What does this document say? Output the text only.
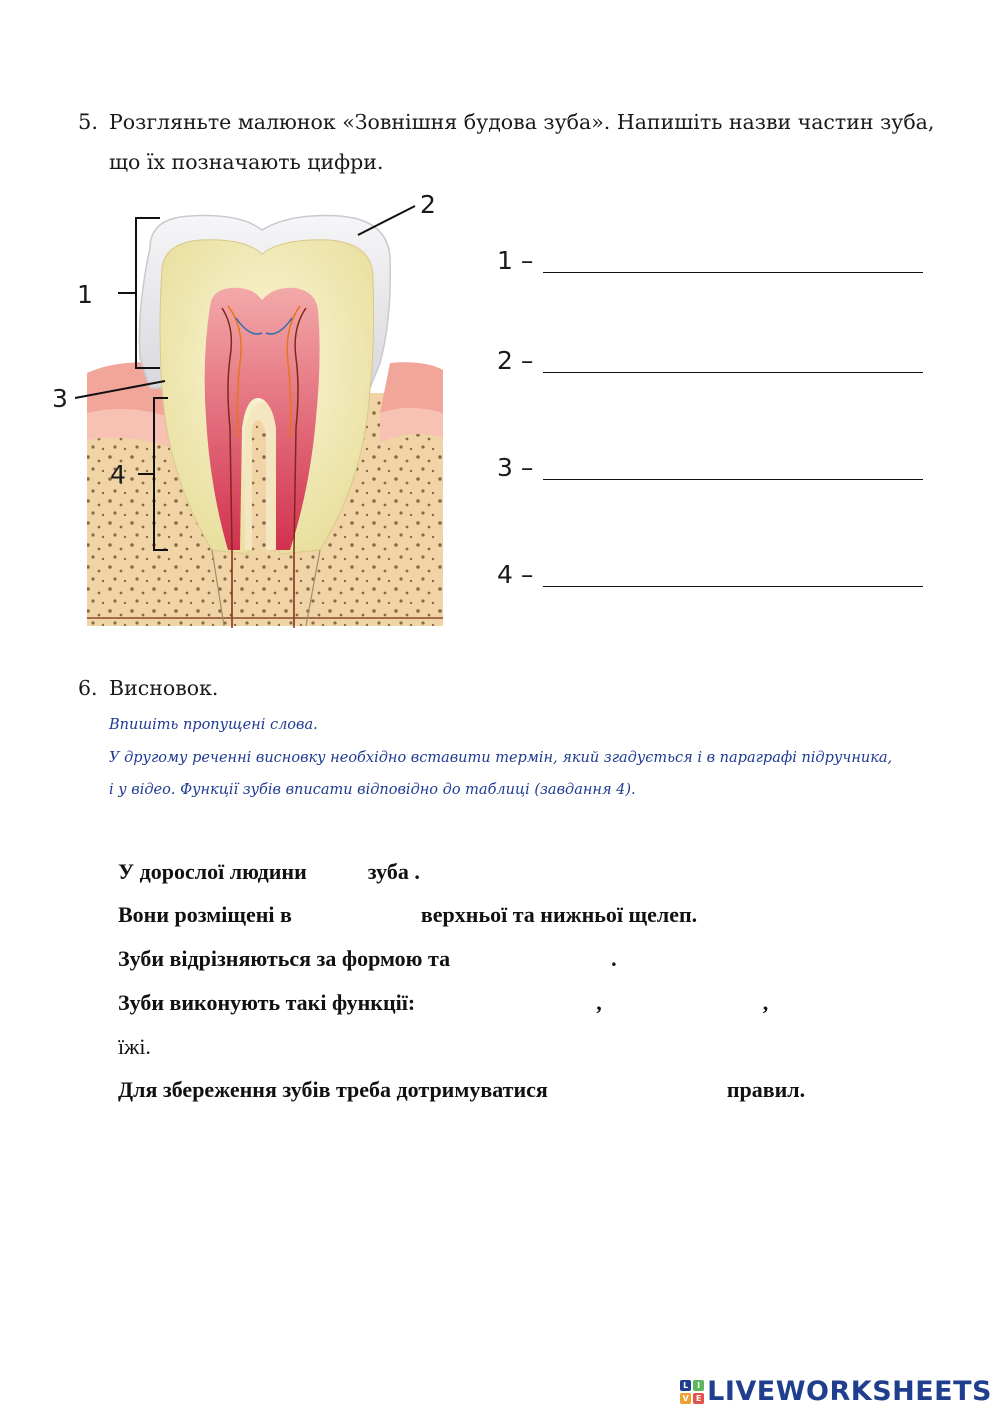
5. Розгляньте малюнок «Зовнішня будова зуба». Напишіть назви частин зуба,
що їх позначають цифри.
1
2
3
4
1 –
2 –
3 –
4 –
6. Висновок.
Впишіть пропущені слова.
У другому реченні висновку необхідно вставити термін, який згадується і в параграфі підручника,
і у відео. Функції зубів вписати відповідно до таблиці (завдання 4).
У дорослої людини	зуба .
Вони розміщені в	верхньої та нижньої щелеп.
Зуби відрізняються за формою та	.
Зуби виконують такі функції:	,	,
їжі.
Для збереження зубів треба дотримуватися	правил.
L	I
V E LIVEWORKSHEETS
